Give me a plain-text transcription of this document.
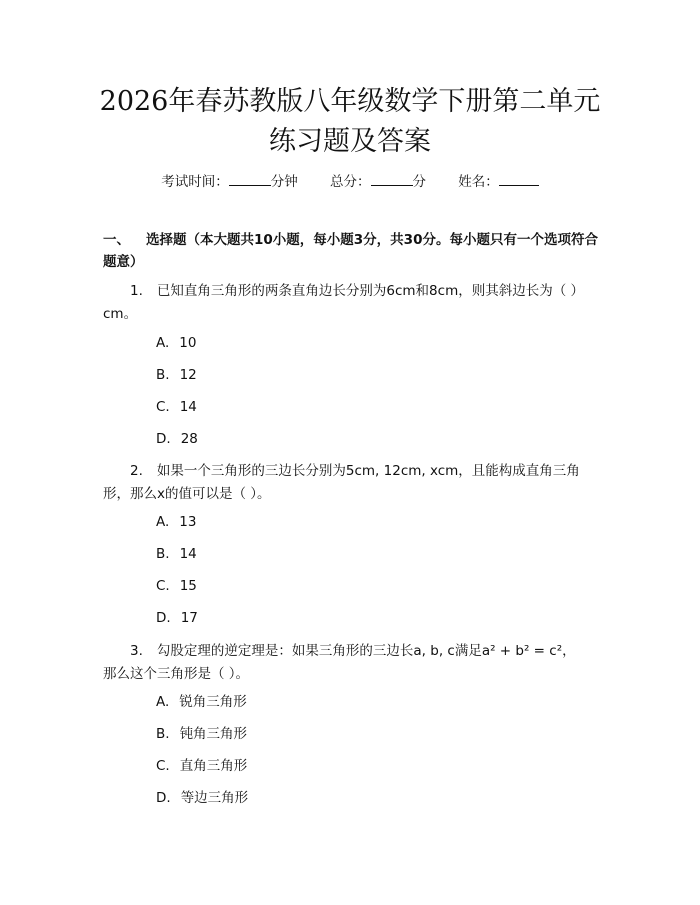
2026年春苏教版八年级数学下册第二单元练习题及答案
考试时间：	分钟 总分：	分 姓名：
一、 选择题（本大题共10小题，每小题3分，共30分。每小题只有一个选项符合题意）
1. 已知直角三角形的两条直角边长分别为6cm和8cm，则其斜边长为（ ）cm。
A. 10
B. 12
C. 14
D. 28
2. 如果一个三角形的三边长分别为5cm, 12cm, xcm，且能构成直角三角形，那么x的值可以是（ ）。
A. 13
B. 14
C. 15
D. 17
3. 勾股定理的逆定理是：如果三角形的三边长a, b, c满足a² + b² = c²，那么这个三角形是（ ）。
A. 锐角三角形
B. 钝角三角形
C. 直角三角形
D. 等边三角形
